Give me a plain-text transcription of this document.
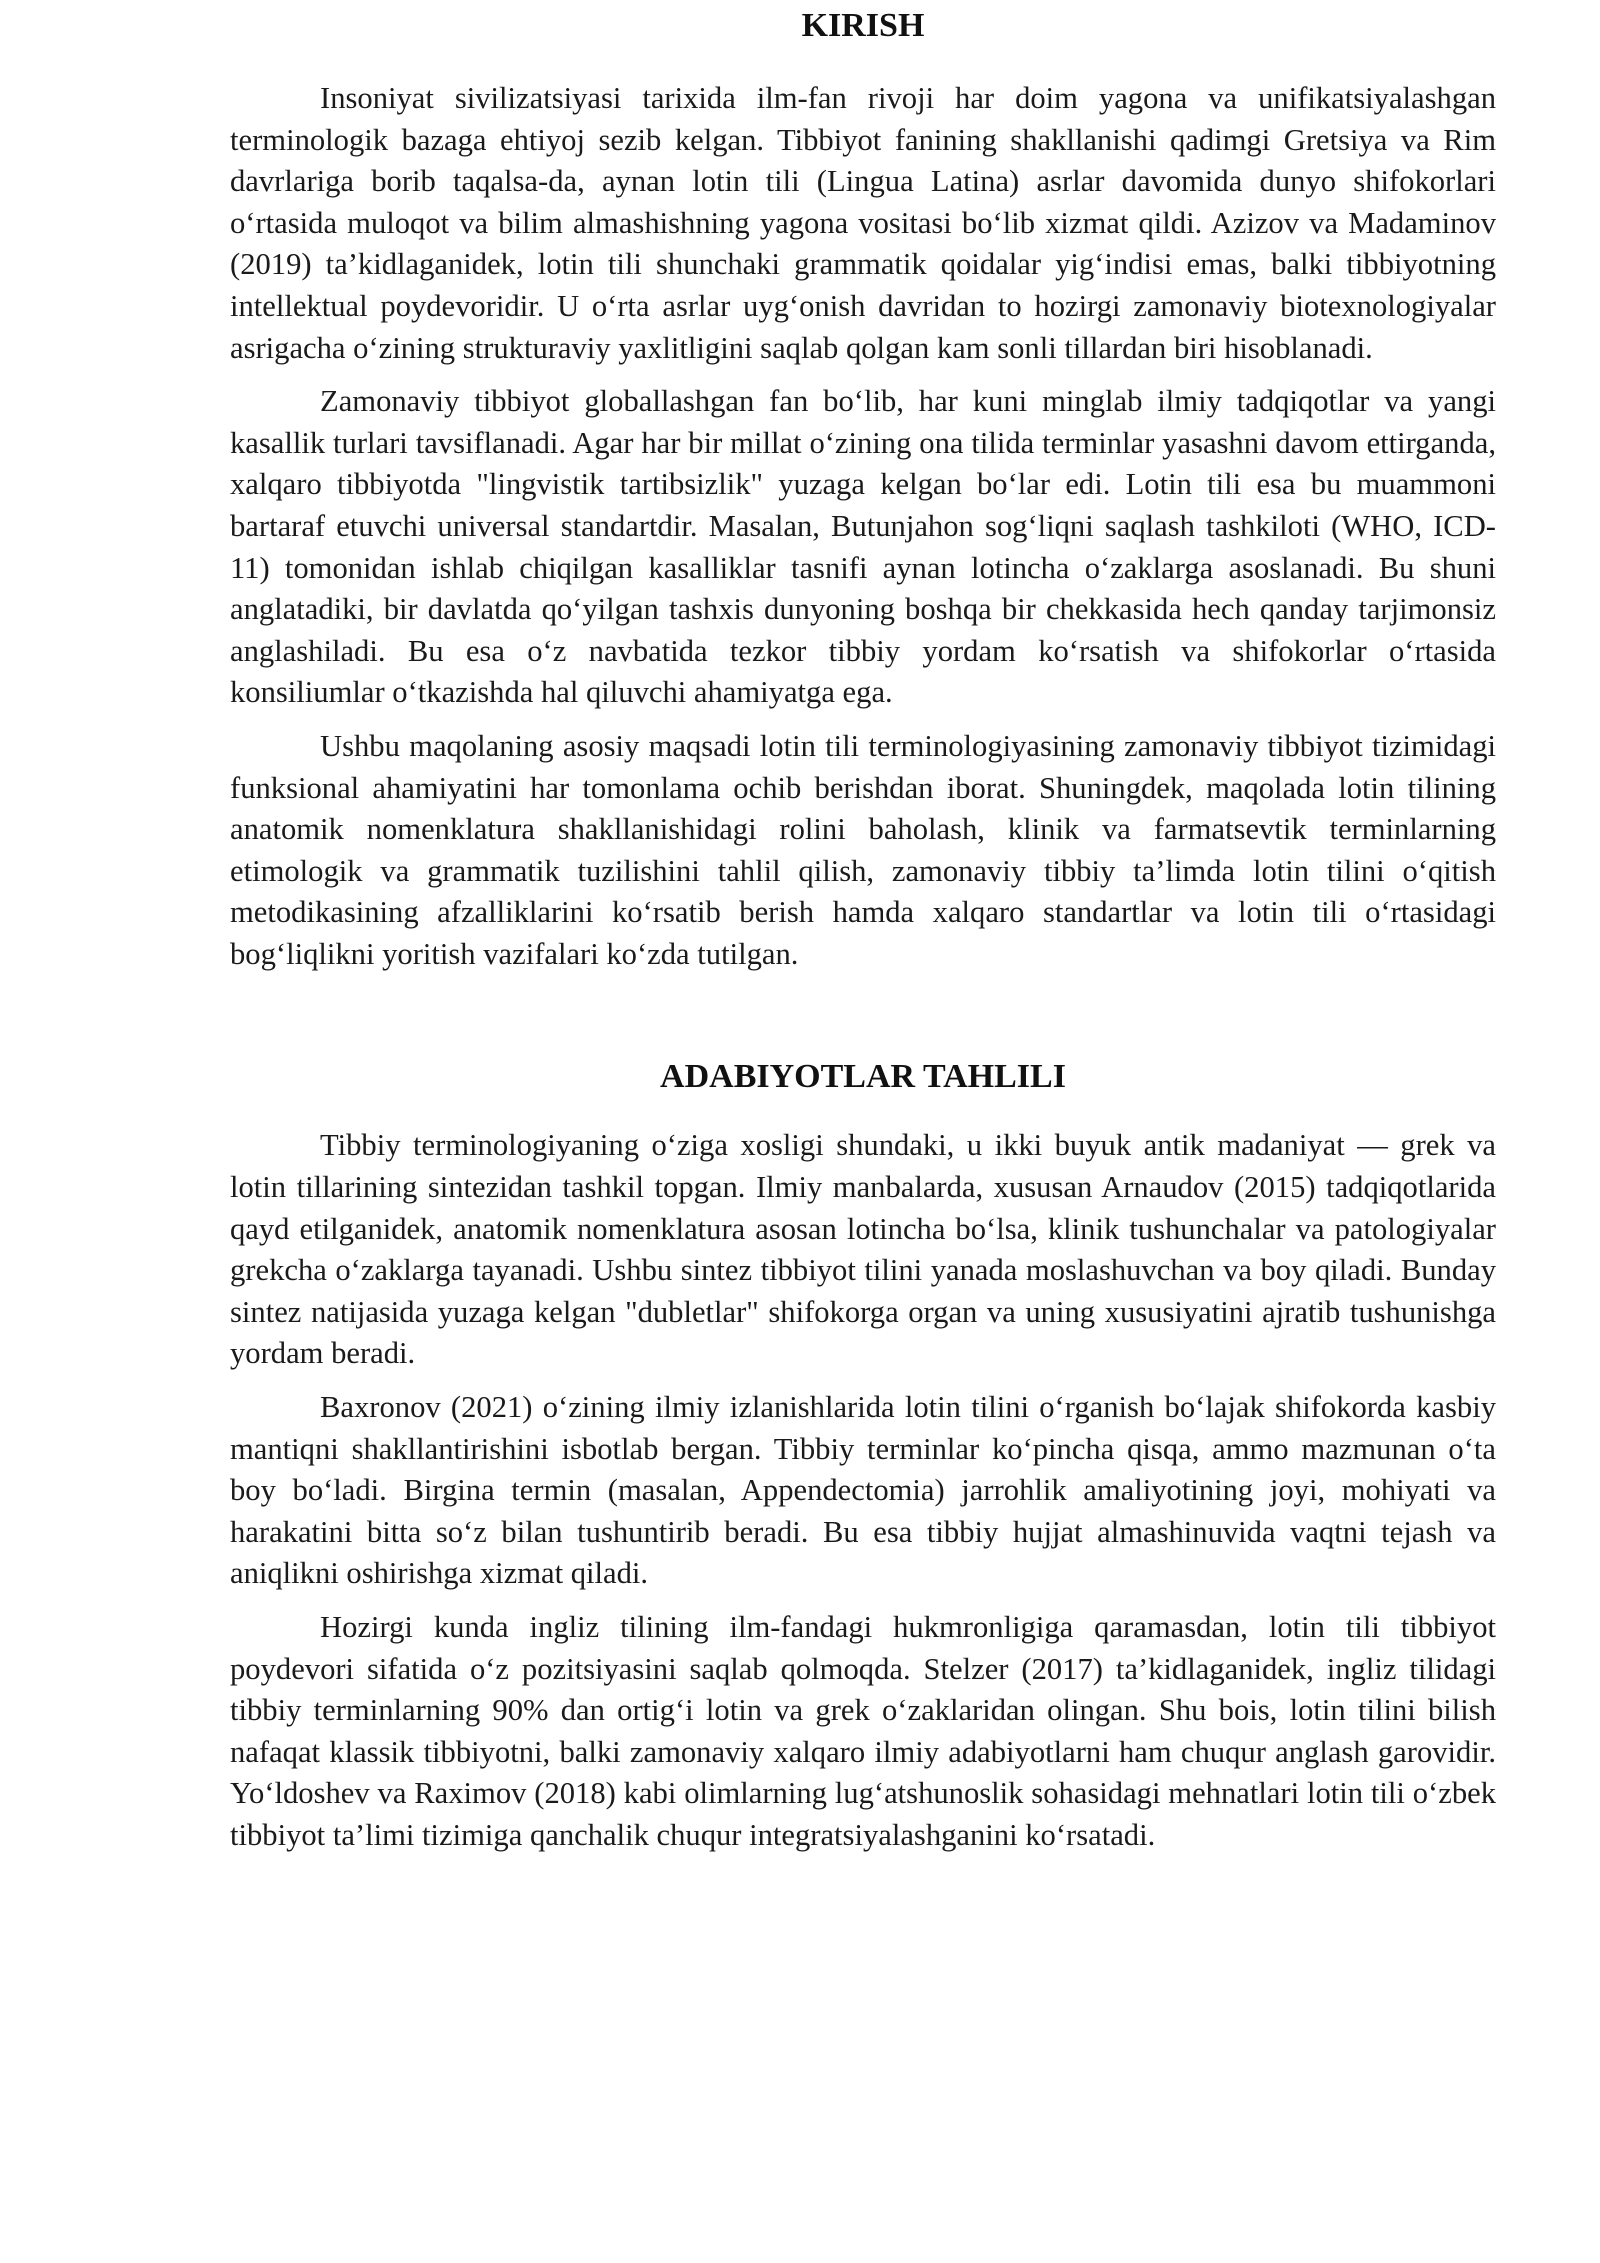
KIRISH

Insoniyat sivilizatsiyasi tarixida ilm-fan rivoji har doim yagona va unifikatsiyalashgan terminologik bazaga ehtiyoj sezib kelgan. Tibbiyot fanining shakllanishi qadimgi Gretsiya va Rim davrlariga borib taqalsa-da, aynan lotin tili (Lingua Latina) asrlar davomida dunyo shifokorlari o‘rtasida muloqot va bilim almashishning yagona vositasi bo‘lib xizmat qildi. Azizov va Madaminov (2019) ta’kidlaganidek, lotin tili shunchaki grammatik qoidalar yig‘indisi emas, balki tibbiyotning intellektual poydevoridir. U o‘rta asrlar uyg‘onish davridan to hozirgi zamonaviy biotexnologiyalar asrigacha o‘zining strukturaviy yaxlitligini saqlab qolgan kam sonli tillardan biri hisoblanadi.

Zamonaviy tibbiyot globallashgan fan bo‘lib, har kuni minglab ilmiy tadqiqotlar va yangi kasallik turlari tavsiflanadi. Agar har bir millat o‘zining ona tilida terminlar yasashni davom ettirganda, xalqaro tibbiyotda "lingvistik tartibsizlik" yuzaga kelgan bo‘lar edi. Lotin tili esa bu muammoni bartaraf etuvchi universal standartdir. Masalan, Butunjahon sog‘liqni saqlash tashkiloti (WHO, ICD-11) tomonidan ishlab chiqilgan kasalliklar tasnifi aynan lotincha o‘zaklarga asoslanadi. Bu shuni anglatadiki, bir davlatda qo‘yilgan tashxis dunyoning boshqa bir chekkasida hech qanday tarjimonsiz anglashiladi. Bu esa o‘z navbatida tezkor tibbiy yordam ko‘rsatish va shifokorlar o‘rtasida konsiliumlar o‘tkazishda hal qiluvchi ahamiyatga ega.

Ushbu maqolaning asosiy maqsadi lotin tili terminologiyasining zamonaviy tibbiyot tizimidagi funksional ahamiyatini har tomonlama ochib berishdan iborat. Shuningdek, maqolada lotin tilining anatomik nomenklatura shakllanishidagi rolini baholash, klinik va farmatsevtik terminlarning etimologik va grammatik tuzilishini tahlil qilish, zamonaviy tibbiy ta’limda lotin tilini o‘qitish metodikasining afzalliklarini ko‘rsatib berish hamda xalqaro standartlar va lotin tili o‘rtasidagi bog‘liqlikni yoritish vazifalari ko‘zda tutilgan.

ADABIYOTLAR TAHLILI

Tibbiy terminologiyaning o‘ziga xosligi shundaki, u ikki buyuk antik madaniyat — grek va lotin tillarining sintezidan tashkil topgan. Ilmiy manbalarda, xususan Arnaudov (2015) tadqiqotlarida qayd etilganidek, anatomik nomenklatura asosan lotincha bo‘lsa, klinik tushunchalar va patologiyalar grekcha o‘zaklarga tayanadi. Ushbu sintez tibbiyot tilini yanada moslashuvchan va boy qiladi. Bunday sintez natijasida yuzaga kelgan "dubletlar" shifokorga organ va uning xususiyatini ajratib tushunishga yordam beradi.

Baxronov (2021) o‘zining ilmiy izlanishlarida lotin tilini o‘rganish bo‘lajak shifokorda kasbiy mantiqni shakllantirishini isbotlab bergan. Tibbiy terminlar ko‘pincha qisqa, ammo mazmunan o‘ta boy bo‘ladi. Birgina termin (masalan, Appendectomia) jarrohlik amaliyotining joyi, mohiyati va harakatini bitta so‘z bilan tushuntirib beradi. Bu esa tibbiy hujjat almashinuvida vaqtni tejash va aniqlikni oshirishga xizmat qiladi.

Hozirgi kunda ingliz tilining ilm-fandagi hukmronligiga qaramasdan, lotin tili tibbiyot poydevori sifatida o‘z pozitsiyasini saqlab qolmoqda. Stelzer (2017) ta’kidlaganidek, ingliz tilidagi tibbiy terminlarning 90% dan ortig‘i lotin va grek o‘zaklaridan olingan. Shu bois, lotin tilini bilish nafaqat klassik tibbiyotni, balki zamonaviy xalqaro ilmiy adabiyotlarni ham chuqur anglash garovidir. Yo‘ldoshev va Raximov (2018) kabi olimlarning lug‘atshunoslik sohasidagi mehnatlari lotin tili o‘zbek tibbiyot ta’limi tizimiga qanchalik chuqur integratsiyalashganini ko‘rsatadi.
